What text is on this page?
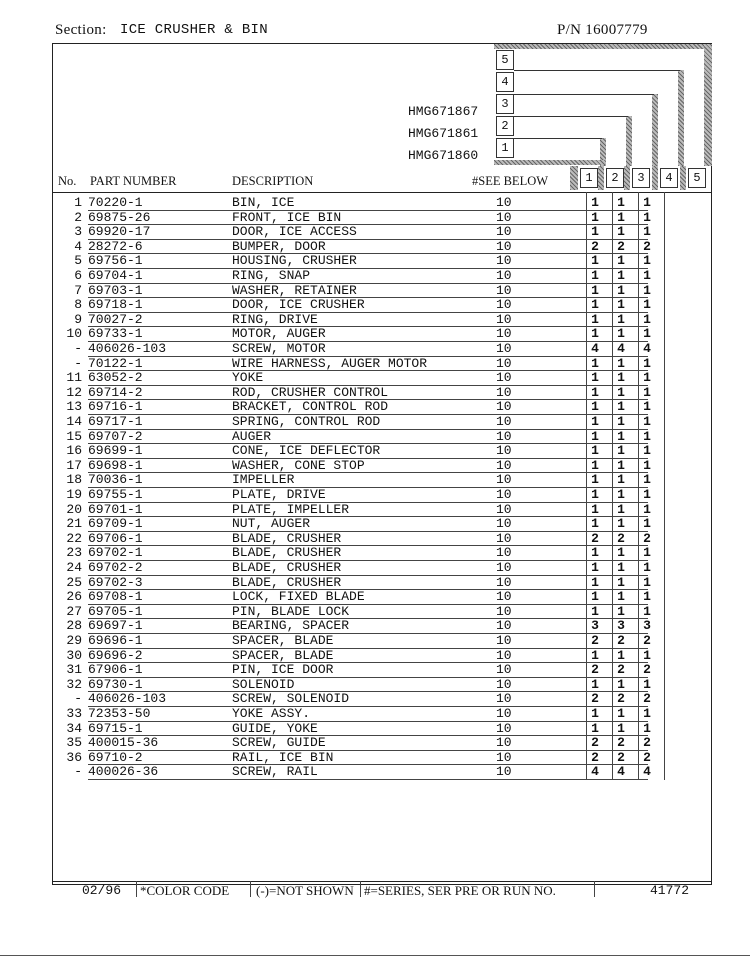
Section: ICE CRUSHER & BIN	P/N 16007779
HMG671867
HMG671861
HMG671860
5
4
3
2
1
1	2	3	4	5
No. PART NUMBER	DESCRIPTION	#SEE BELOW
1 70220-1	BIN, ICE	10	1 1 1
2 69875-26	FRONT, ICE BIN	10	1 1 1
3 69920-17	DOOR, ICE ACCESS	10	1 1 1
4 28272-6	BUMPER, DOOR	10	2 2 2
5 69756-1	HOUSING, CRUSHER	10	1 1 1
6 69704-1	RING, SNAP	10	1 1 1
7 69703-1	WASHER, RETAINER	10	1 1 1
8 69718-1	DOOR, ICE CRUSHER	10	1 1 1
9 70027-2	RING, DRIVE	10	1 1 1
10 69733-1	MOTOR, AUGER	10	1 1 1
- 406026-103	SCREW, MOTOR	10	4 4 4
- 70122-1	WIRE HARNESS, AUGER MOTOR	10	1 1 1
11 63052-2	YOKE	10	1 1 1
12 69714-2	ROD, CRUSHER CONTROL	10	1 1 1
13 69716-1	BRACKET, CONTROL ROD	10	1 1 1
14 69717-1	SPRING, CONTROL ROD	10	1 1 1
15 69707-2	AUGER	10	1 1 1
16 69699-1	CONE, ICE DEFLECTOR	10	1 1 1
17 69698-1	WASHER, CONE STOP	10	1 1 1
18 70036-1	IMPELLER	10	1 1 1
19 69755-1	PLATE, DRIVE	10	1 1 1
20 69701-1	PLATE, IMPELLER	10	1 1 1
21 69709-1	NUT, AUGER	10	1 1 1
22 69706-1	BLADE, CRUSHER	10	2 2 2
23 69702-1	BLADE, CRUSHER	10	1 1 1
24 69702-2	BLADE, CRUSHER	10	1 1 1
25 69702-3	BLADE, CRUSHER	10	1 1 1
26 69708-1	LOCK, FIXED BLADE	10	1 1 1
27 69705-1	PIN, BLADE LOCK	10	1 1 1
28 69697-1	BEARING, SPACER	10	3 3 3
29 69696-1	SPACER, BLADE	10	2 2 2
30 69696-2	SPACER, BLADE	10	1 1 1
31 67906-1	PIN, ICE DOOR	10	2 2 2
32 69730-1	SOLENOID	10	1 1 1
- 406026-103	SCREW, SOLENOID	10	2 2 2
33 72353-50	YOKE ASSY.	10	1 1 1
34 69715-1	GUIDE, YOKE	10	1 1 1
35 400015-36	SCREW, GUIDE	10	2 2 2
36 69710-2	RAIL, ICE BIN	10	2 2 2
- 400026-36	SCREW, RAIL	10	4 4 4
02/96 *COLOR CODE (-)=NOT SHOWN #=SERIES, SER PRE OR RUN NO.	41772
